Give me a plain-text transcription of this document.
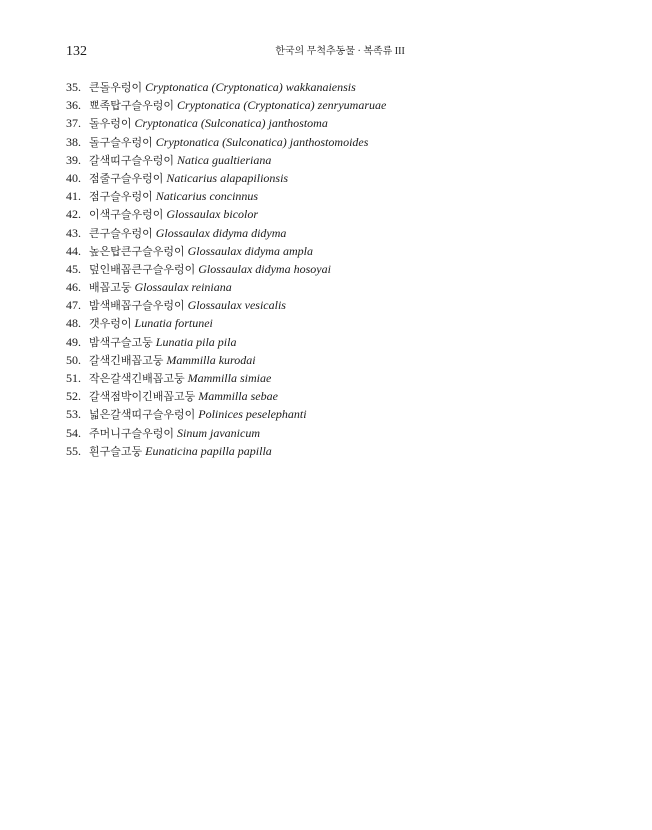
132	한국의 무척추동물 · 복족류 III
35. 큰돌우렁이 Cryptonatica (Cryptonatica) wakkanaiensis
36. 뾰족탑구슬우렁이 Cryptonatica (Cryptonatica) zenryumaruae
37. 돌우렁이 Cryptonatica (Sulconatica) janthostoma
38. 돌구슬우렁이 Cryptonatica (Sulconatica) janthostomoides
39. 갈색띠구슬우렁이 Natica gualtieriana
40. 점줄구슬우렁이 Naticarius alapapilionsis
41. 점구슬우렁이 Naticarius concinnus
42. 이색구슬우렁이 Glossaulax bicolor
43. 큰구슬우렁이 Glossaulax didyma didyma
44. 높은탑큰구슬우렁이 Glossaulax didyma ampla
45. 덮인배꼽큰구슬우렁이 Glossaulax didyma hosoyai
46. 배꼽고둥 Glossaulax reiniana
47. 밤색배꼽구슬우렁이 Glossaulax vesicalis
48. 갯우렁이 Lunatia fortunei
49. 밤색구슬고둥 Lunatia pila pila
50. 갈색긴배꼽고둥 Mammilla kurodai
51. 작은갈색긴배꼽고둥 Mammilla simiae
52. 갈색점박이긴배꼽고둥 Mammilla sebae
53. 넓은갈색띠구슬우렁이 Polinices peselephanti
54. 주머니구슬우렁이 Sinum javanicum
55. 흰구슬고둥 Eunaticina papilla papilla
